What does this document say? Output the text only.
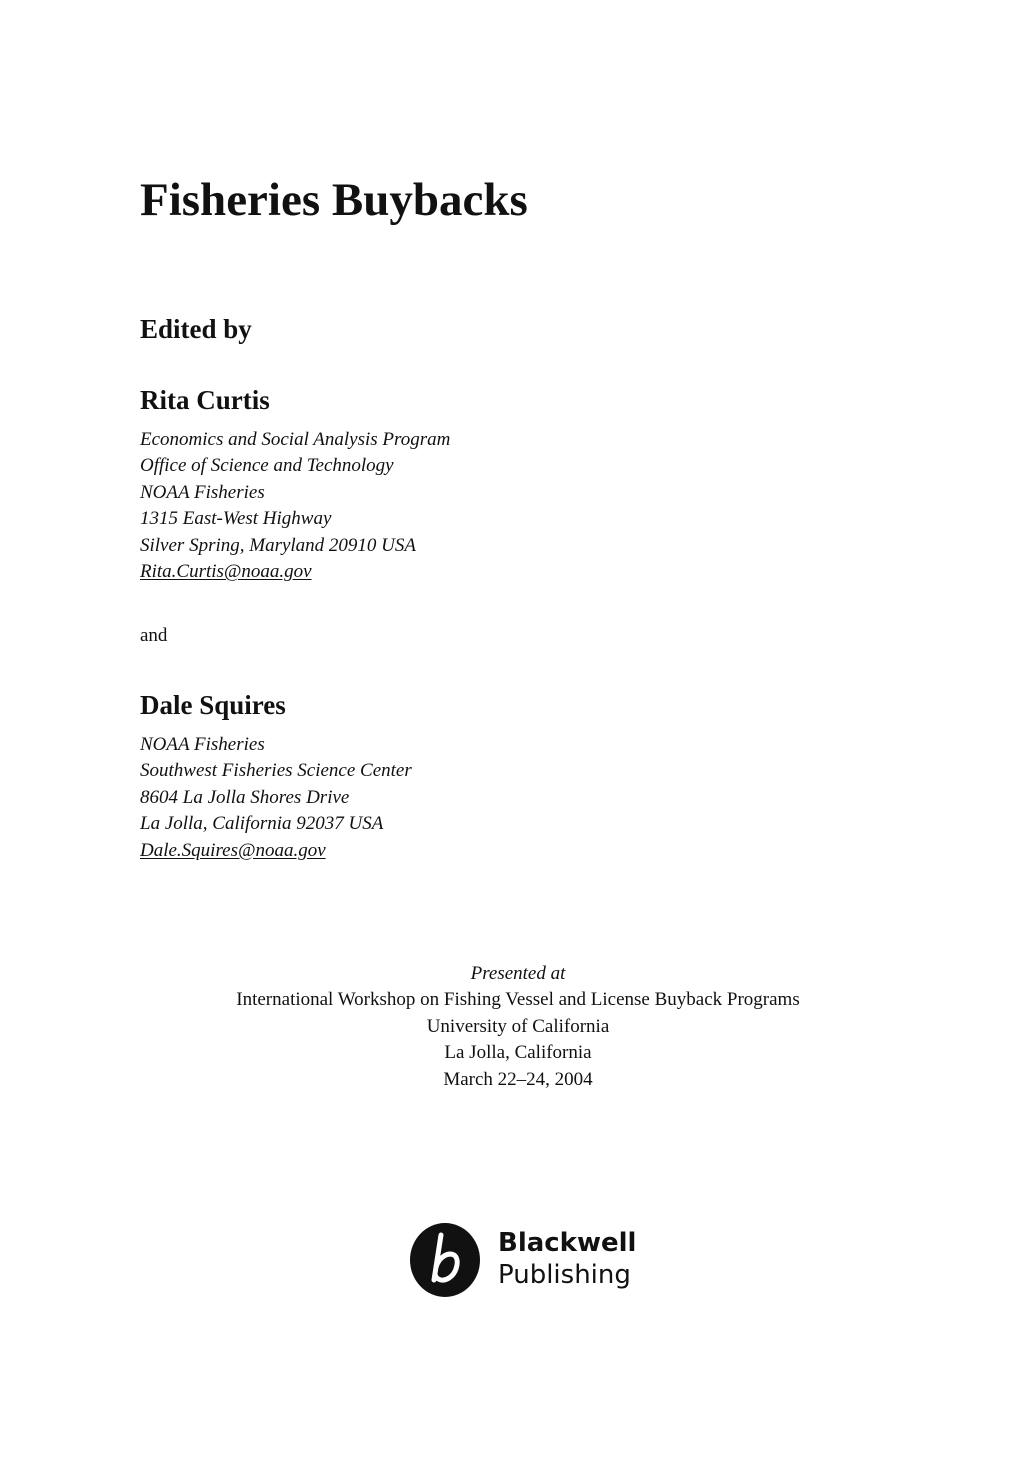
Fisheries Buybacks
Edited by
Rita Curtis
Economics and Social Analysis Program
Office of Science and Technology
NOAA Fisheries
1315 East-West Highway
Silver Spring, Maryland 20910 USA
Rita.Curtis@noaa.gov

and

Dale Squires
NOAA Fisheries
Southwest Fisheries Science Center
8604 La Jolla Shores Drive
La Jolla, California 92037 USA
Dale.Squires@noaa.gov
Presented at
International Workshop on Fishing Vessel and License Buyback Programs
University of California
La Jolla, California
March 22–24, 2004
Blackwell
Publishing
